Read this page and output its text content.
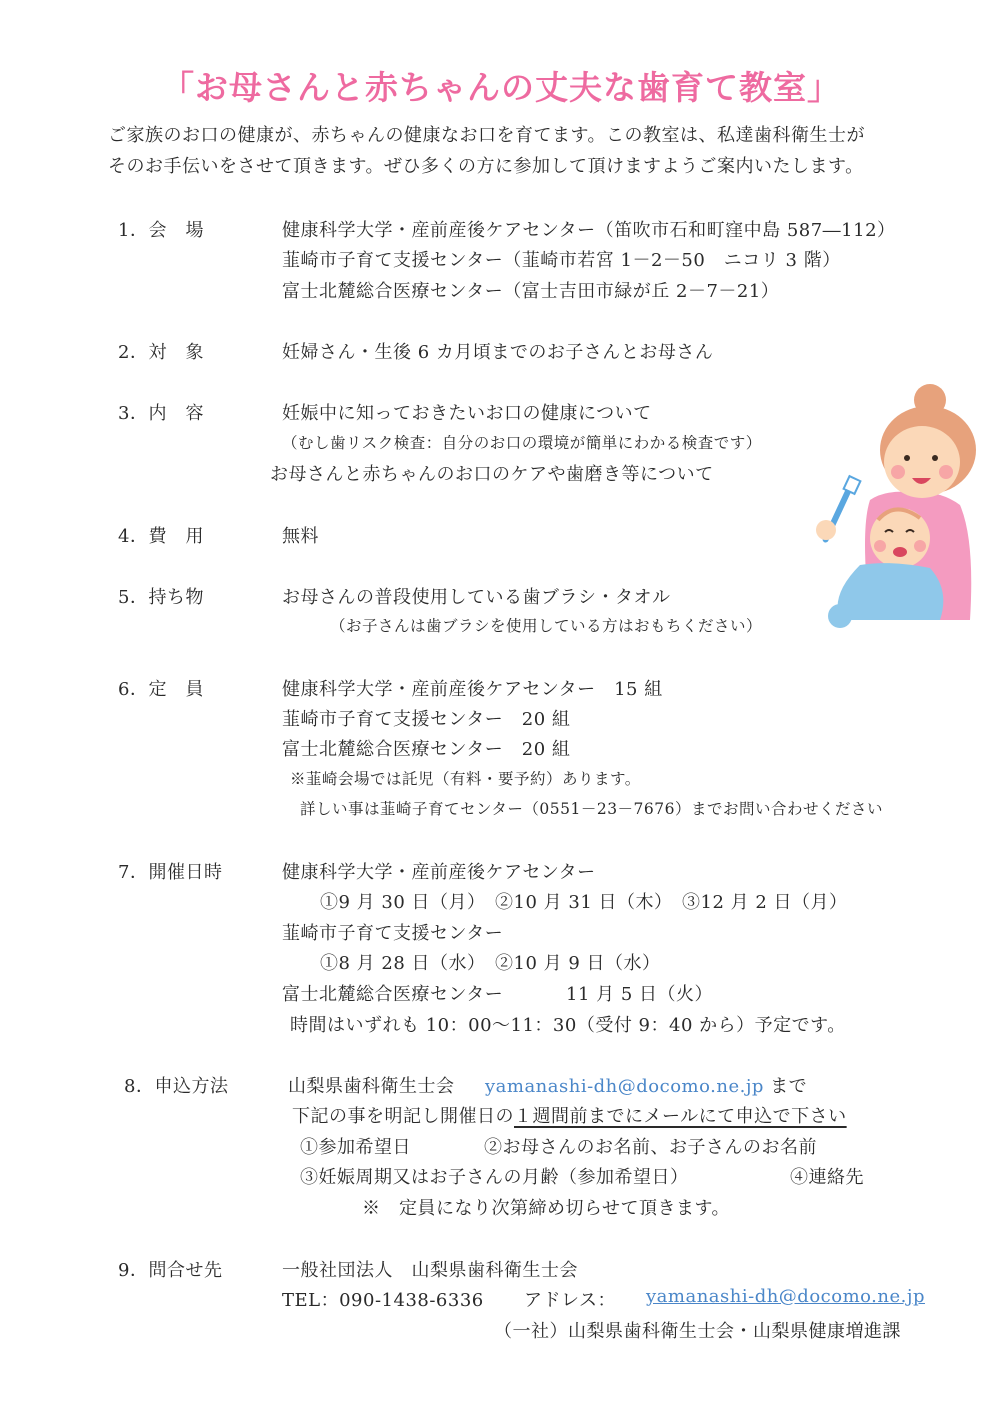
「お母さんと赤ちゃんの丈夫な歯育て教室」
ご家族のお口の健康が、赤ちゃんの健康なお口を育てます。この教室は、私達歯科衛生士が
そのお手伝いをさせて頂きます。ぜひ多くの方に参加して頂けますようご案内いたします。
1．会　場	健康科学大学・産前産後ケアセンター（笛吹市石和町窪中島 587―112）
韮崎市子育て支援センター（韮崎市若宮 1－2－50　ニコリ 3 階）
富士北麓総合医療センター（富士吉田市緑が丘 2－7－21）
2．対　象	妊婦さん・生後 6 カ月頃までのお子さんとお母さん
3．内　容	妊娠中に知っておきたいお口の健康について
（むし歯リスク検査：自分のお口の環境が簡単にわかる検査です）
お母さんと赤ちゃんのお口のケアや歯磨き等について
4．費　用	無料
5．持ち物	お母さんの普段使用している歯ブラシ・タオル
（お子さんは歯ブラシを使用している方はおもちください）
6．定　員	健康科学大学・産前産後ケアセンター　15 組
韮崎市子育て支援センター　20 組
富士北麓総合医療センター　20 組
※韮崎会場では託児（有料・要予約）あります。
詳しい事は韮崎子育てセンター（0551－23－7676）までお問い合わせください
7．開催日時	健康科学大学・産前産後ケアセンター
①9 月 30 日（月）　②10 月 31 日（木）　③12 月 2 日（月）
韮崎市子育て支援センター
①8 月 28 日（水）　②10 月 9 日（水）
富士北麓総合医療センター	11 月 5 日（火）
時間はいずれも 10：00～11：30（受付 9：40 から）予定です。
8．申込方法	山梨県歯科衛生士会 yamanashi-dh@docomo.ne.jp まで
下記の事を明記し開催日の１週間前までにメールにて申込で下さい
①参加希望日	②お母さんのお名前、お子さんのお名前
③妊娠周期又はお子さんの月齢（参加希望日）	④連絡先
※　定員になり次第締め切らせて頂きます。
9．問合せ先	一般社団法人　山梨県歯科衛生士会
TEL：090-1438-6336 アドレス： yamanashi-dh@docomo.ne.jp
（一社）山梨県歯科衛生士会・山梨県健康増進課
